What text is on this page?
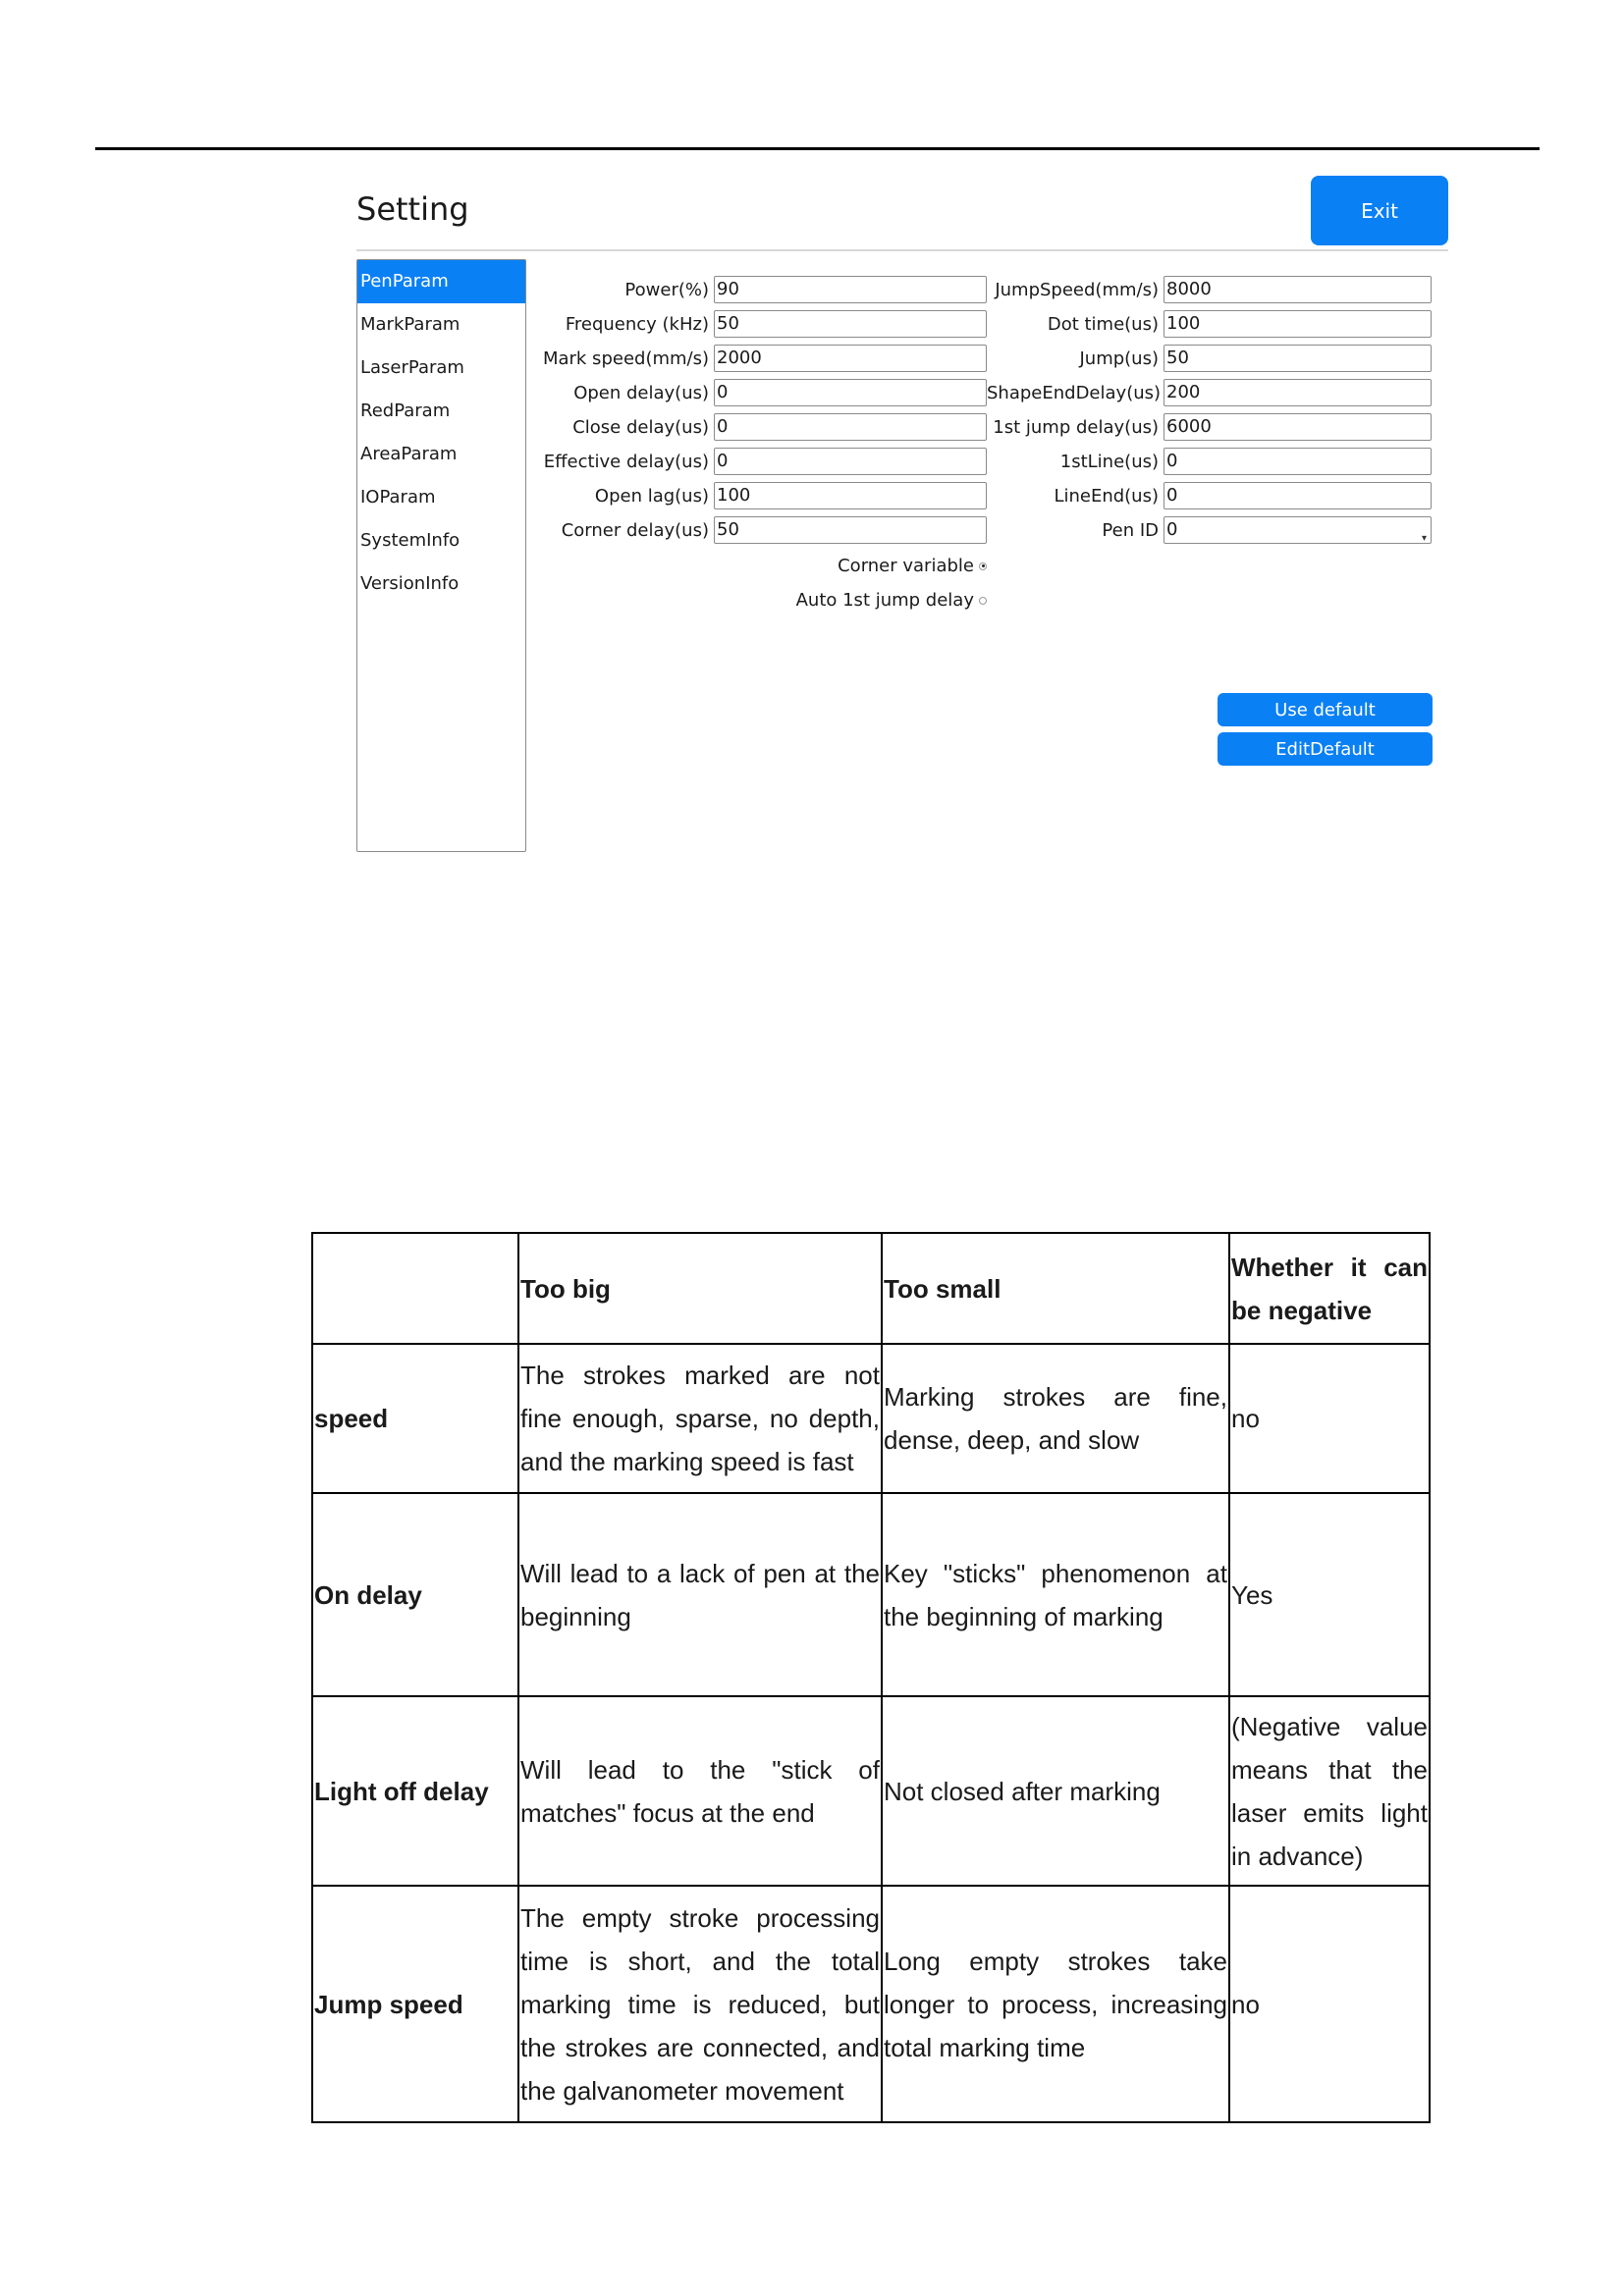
Setting	Exit
PenParam
MarkParam
LaserParam
RedParam
AreaParam
IOParam
SystemInfo
VersionInfo
Power(%) 90
Frequency (kHz) 50
Mark speed(mm/s) 2000
Open delay(us) 0
Close delay(us) 0
Effective delay(us) 0
Open lag(us) 100
Corner delay(us) 50
Corner variable
Auto 1st jump delay
JumpSpeed(mm/s) 8000
Dot time(us) 100
Jump(us) 50
ShapeEndDelay(us) 200
1st jump delay(us) 6000
1stLine(us) 0
LineEnd(us) 0
Pen ID 0	▾
Use default
EditDefault
	Too big	Too small	Whether it can be negative
speed	The strokes marked are not fine enough, sparse, no depth, and the marking speed is fast	Marking strokes are fine, dense, deep, and slow	no
On delay	Will lead to a lack of pen at the beginning	Key "sticks" phenomenon at the beginning of marking	Yes
Light off delay	Will lead to the "stick of matches" focus at the end	Not closed after marking	(Negative value means that the laser emits light in advance)
Jump speed	The empty stroke processing time is short, and the total marking time is reduced, but the strokes are connected, and the galvanometer movement	Long empty strokes take longer to process, increasing total marking time	no
